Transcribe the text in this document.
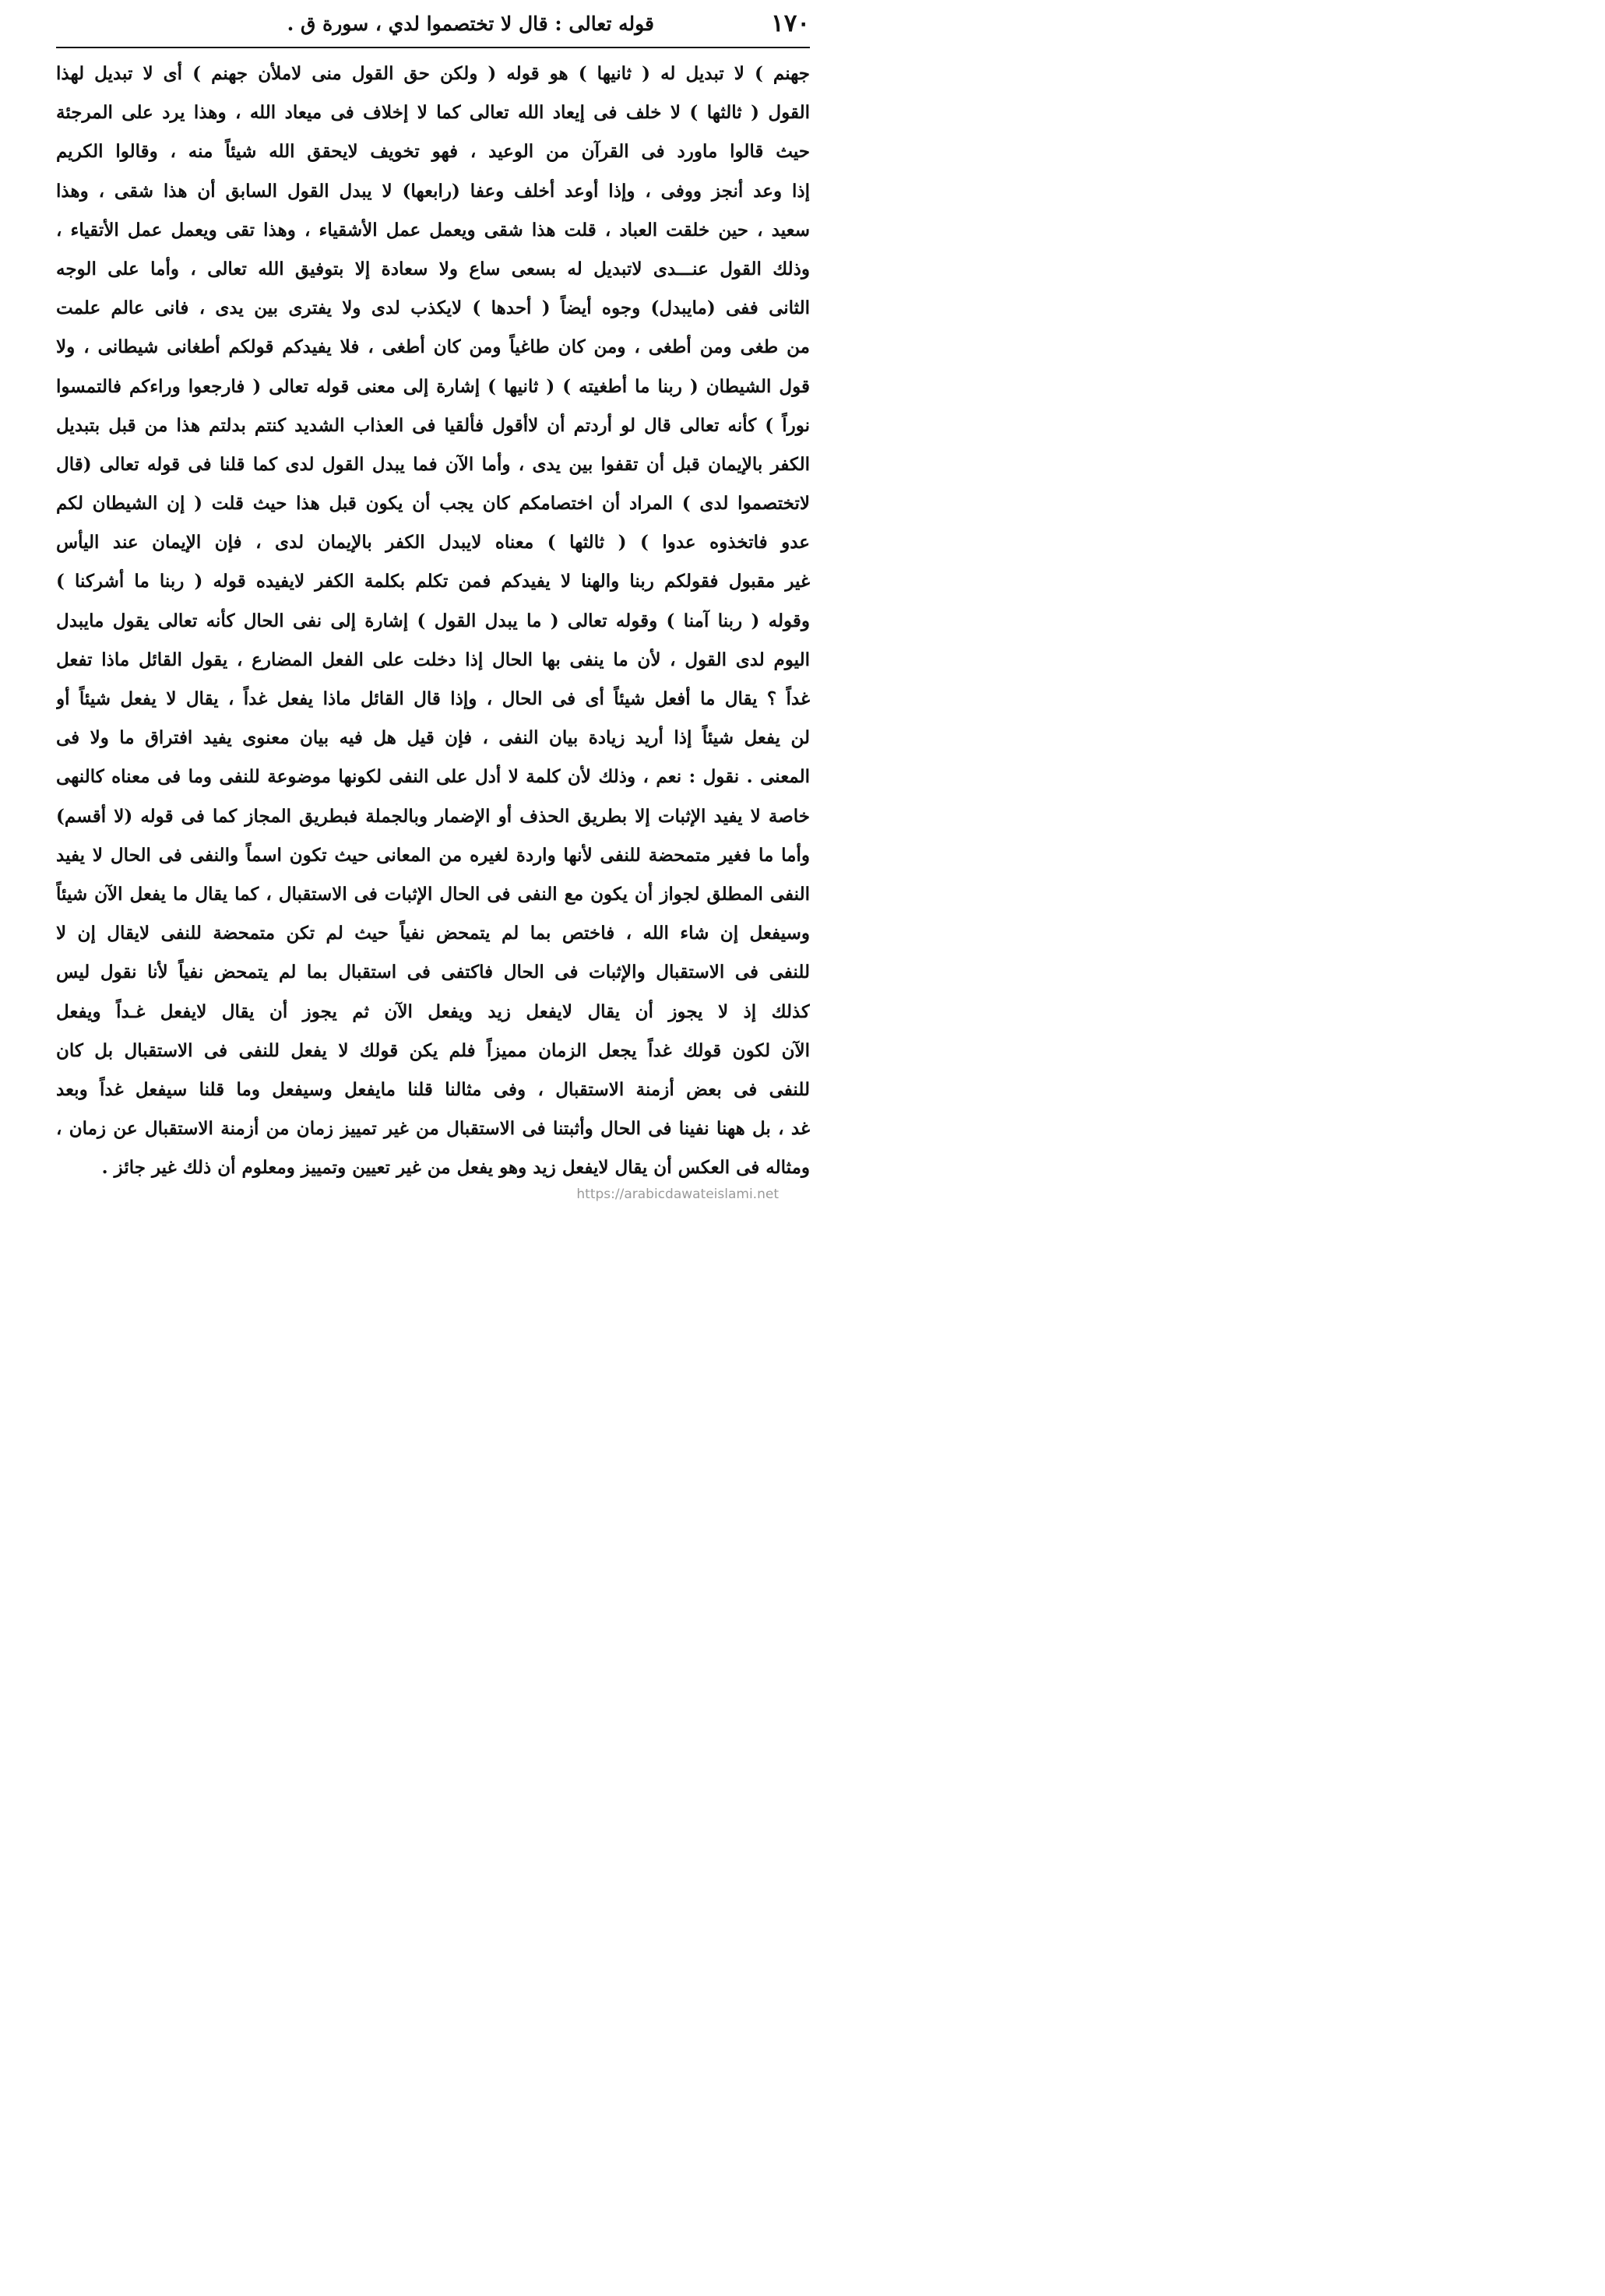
١٧٠
قوله تعالى : قال لا تختصموا لدي ، سورة ق .
جهنم ) لا تبديل له ( ثانيها ) هو قوله ( ولكن حق القول منى لاملأن جهنم ) أى لا تبديل لهذا
القول ( ثالثها ) لا خلف فى إيعاد الله تعالى كما لا إخلاف فى ميعاد الله ، وهذا يرد على المرجئة
حيث قالوا ماورد فى القرآن من الوعيد ، فهو تخويف لايحقق الله شيئاً منه ، وقالوا الكريم
إذا وعد أنجز ووفى ، وإذا أوعد أخلف وعفا (رابعها) لا يبدل القول السابق أن هذا شقى ، وهذا
سعيد ، حين خلقت العباد ، قلت هذا شقى ويعمل عمل الأشقياء ، وهذا تقى ويعمل عمل الأتقياء ،
وذلك القول عنـــدى لاتبديل له بسعى ساع ولا سعادة إلا بتوفيق الله تعالى ، وأما على الوجه
الثانى ففى (مايبدل) وجوه أيضاً ( أحدها ) لايكذب لدى ولا يفترى بين يدى ، فانى عالم علمت
من طغى ومن أطغى ، ومن كان طاغياً ومن كان أطغى ، فلا يفيدكم قولكم أطغانى شيطانى ، ولا
قول الشيطان ( ربنا ما أطغيته ) ( ثانيها ) إشارة إلى معنى قوله تعالى ( فارجعوا وراءكم فالتمسوا
نوراً ) كأنه تعالى قال لو أردتم أن لاأقول فألقيا فى العذاب الشديد كنتم بدلتم هذا من قبل بتبديل
الكفر بالإيمان قبل أن تقفوا بين يدى ، وأما الآن فما يبدل القول لدى كما قلنا فى قوله تعالى (قال
لاتختصموا لدى ) المراد أن اختصامكم كان يجب أن يكون قبل هذا حيث قلت ( إن الشيطان لكم
عدو فاتخذوه عدوا ) ( ثالثها ) معناه لايبدل الكفر بالإيمان لدى ، فإن الإيمان عند اليأس
غير مقبول فقولكم ربنا والهنا لا يفيدكم فمن تكلم بكلمة الكفر لايفيده قوله ( ربنا ما أشركنا )
وقوله ( ربنا آمنا ) وقوله تعالى ( ما يبدل القول ) إشارة إلى نفى الحال كأنه تعالى يقول مايبدل
اليوم لدى القول ، لأن ما ينفى بها الحال إذا دخلت على الفعل المضارع ، يقول القائل ماذا تفعل
غداً ؟ يقال ما أفعل شيئاً أى فى الحال ، وإذا قال القائل ماذا يفعل غداً ، يقال لا يفعل شيئاً أو
لن يفعل شيئاً إذا أريد زيادة بيان النفى ، فإن قيل هل فيه بيان معنوى يفيد افتراق ما ولا فى
المعنى . نقول : نعم ، وذلك لأن كلمة لا أدل على النفى لكونها موضوعة للنفى وما فى معناه كالنهى
خاصة لا يفيد الإثبات إلا بطريق الحذف أو الإضمار وبالجملة فبطريق المجاز كما فى قوله (لا أقسم)
وأما ما فغير متمحضة للنفى لأنها واردة لغيره من المعانى حيث تكون اسماً والنفى فى الحال لا يفيد
النفى المطلق لجواز أن يكون مع النفى فى الحال الإثبات فى الاستقبال ، كما يقال ما يفعل الآن شيئاً
وسيفعل إن شاء الله ، فاختص بما لم يتمحض نفياً حيث لم تكن متمحضة للنفى لايقال إن لا
للنفى فى الاستقبال والإثبات فى الحال فاكتفى فى استقبال بما لم يتمحض نفياً لأنا نقول ليس
كذلك إذ لا يجوز أن يقال لايفعل زيد ويفعل الآن ثم يجوز أن يقال لايفعل غـداً ويفعل
الآن لكون قولك غداً يجعل الزمان مميزاً فلم يكن قولك لا يفعل للنفى فى الاستقبال بل كان
للنفى فى بعض أزمنة الاستقبال ، وفى مثالنا قلنا مايفعل وسيفعل وما قلنا سيفعل غداً وبعد
غد ، بل ههنا نفينا فى الحال وأثبتنا فى الاستقبال من غير تمييز زمان من أزمنة الاستقبال عن زمان ،
ومثاله فى العكس أن يقال لايفعل زيد وهو يفعل من غير تعيين وتمييز ومعلوم أن ذلك غير جائز .
https://arabicdawateislami.net
